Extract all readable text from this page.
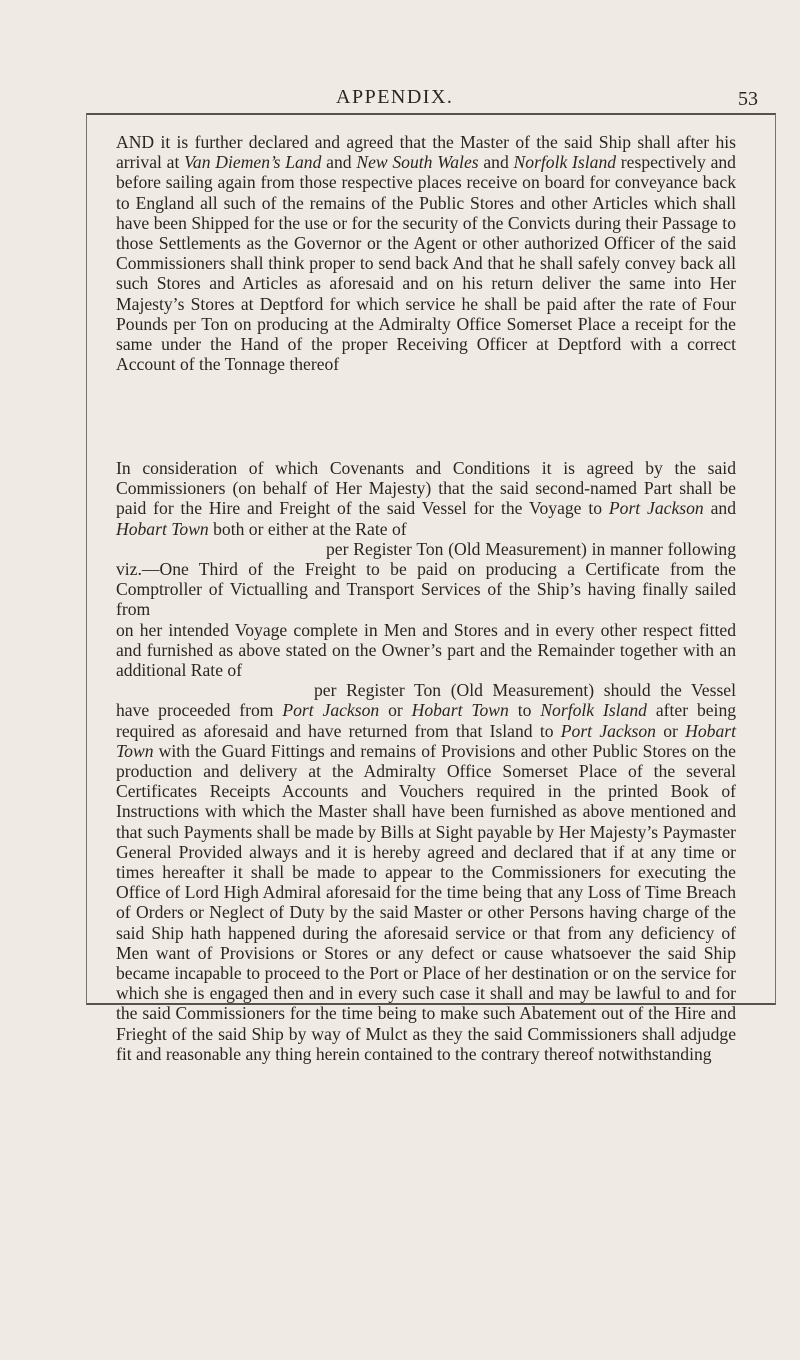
APPENDIX.	53

AND it is further declared and agreed that the Master of the said Ship shall after his arrival at Van Diemen’s Land and New South Wales and Norfolk Island respectively and before sailing again from those respective places receive on board for conveyance back to England all such of the remains of the Public Stores and other Articles which shall have been Shipped for the use or for the security of the Convicts during their Passage to those Settlements as the Governor or the Agent or other authorized Officer of the said Commissioners shall think proper to send back And that he shall safely convey back all such Stores and Articles as aforesaid and on his return deliver the same into Her Majesty’s Stores at Deptford for which service he shall be paid after the rate of Four Pounds per Ton on producing at the Admiralty Office Somerset Place a receipt for the same under the Hand of the proper Receiving Officer at Deptford with a correct Account of the Tonnage thereof

In consideration of which Covenants and Conditions it is agreed by the said Commissioners (on behalf of Her Majesty) that the said second-named Part shall be paid for the Hire and Freight of the said Vessel for the Voyage to Port Jackson and Hobart Town both or either at the Rate of
per Register Ton (Old Measurement) in manner following viz.—One Third of the Freight to be paid on producing a Certificate from the Comptroller of Victualling and Transport Services of the Ship’s having finally sailed from
on her intended Voyage complete in Men and Stores and in every other respect fitted and furnished as above stated on the Owner’s part and the Remainder together with an additional Rate of
per Register Ton (Old Measurement) should the Vessel have proceeded from Port Jackson or Hobart Town to Norfolk Island after being required as aforesaid and have returned from that Island to Port Jackson or Hobart Town with the Guard Fittings and remains of Provisions and other Public Stores on the production and delivery at the Admiralty Office Somerset Place of the several Certificates Receipts Accounts and Vouchers required in the printed Book of Instructions with which the Master shall have been furnished as above mentioned and that such Payments shall be made by Bills at Sight payable by Her Majesty’s Paymaster General Provided always and it is hereby agreed and declared that if at any time or times hereafter it shall be made to appear to the Commissioners for executing the Office of Lord High Admiral aforesaid for the time being that any Loss of Time Breach of Orders or Neglect of Duty by the said Master or other Persons having charge of the said Ship hath happened during the aforesaid service or that from any deficiency of Men want of Provisions or Stores or any defect or cause whatsoever the said Ship became incapable to proceed to the Port or Place of her destination or on the service for which she is engaged then and in every such case it shall and may be lawful to and for the said Commissioners for the time being to make such Abatement out of the Hire and Frieght of the said Ship by way of Mulct as they the said Commissioners shall adjudge fit and reasonable any thing herein contained to the contrary thereof notwithstanding
